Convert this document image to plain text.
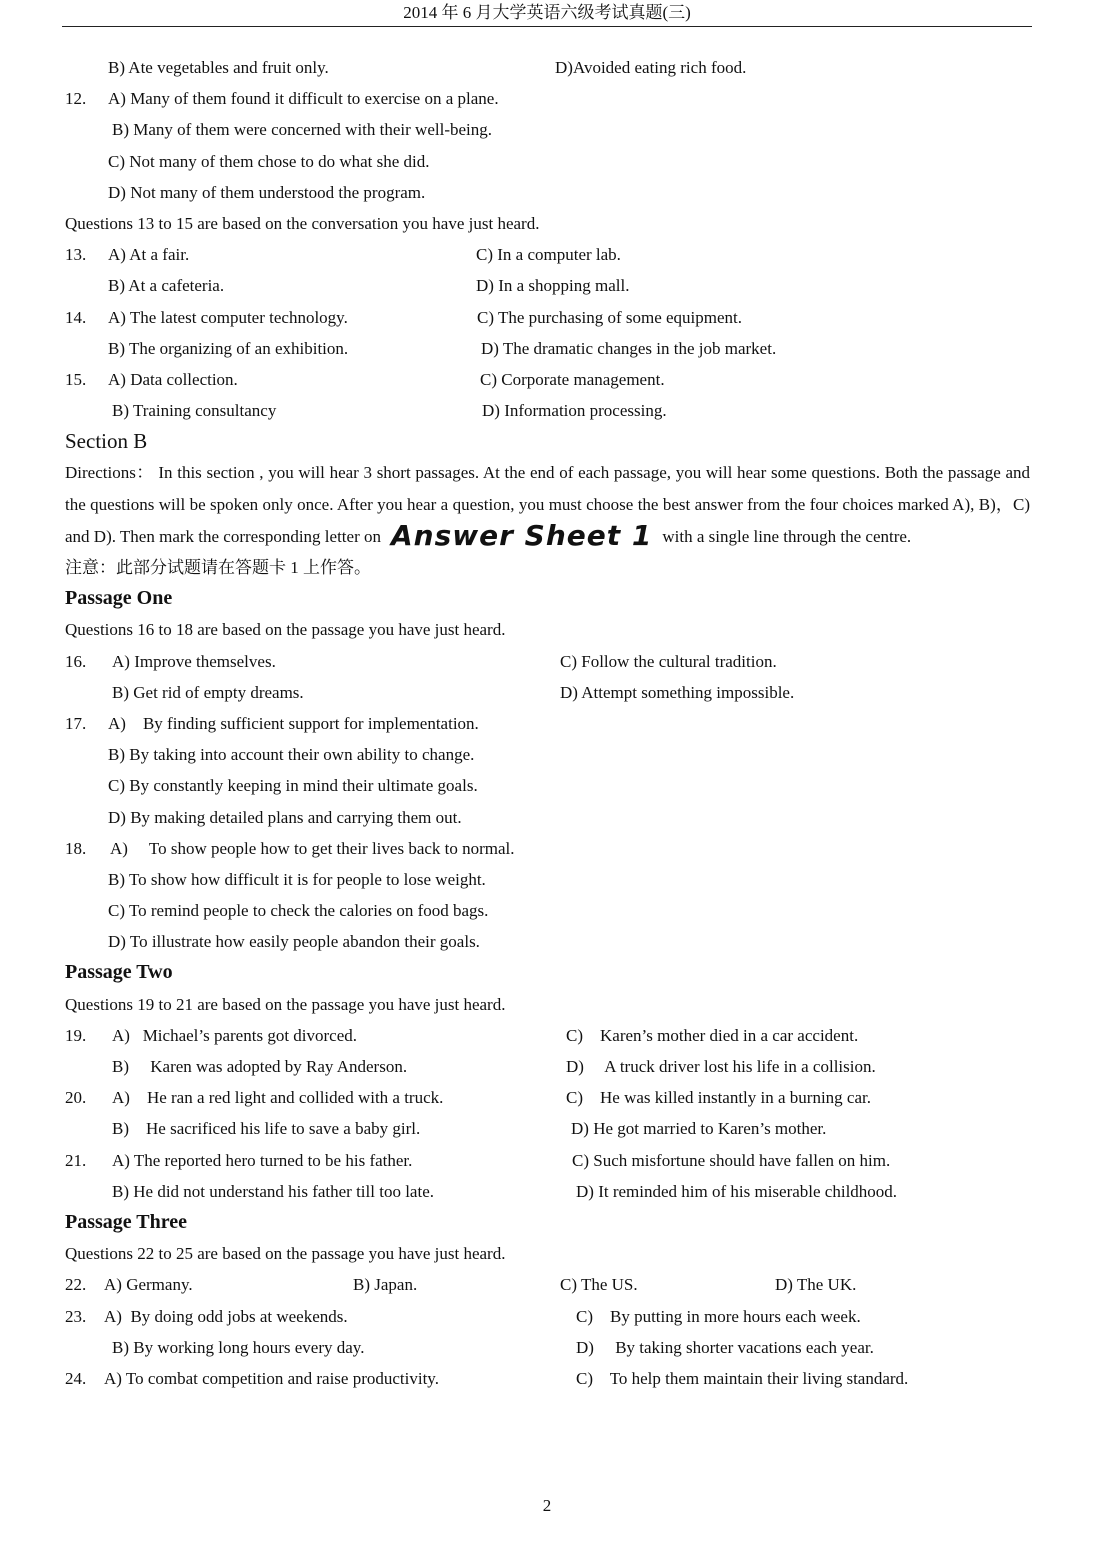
2014 年 6 月大学英语六级考试真题(三)
B) Ate vegetables and fruit only.	D)Avoided eating rich food.
12. A) Many of them found it difficult to exercise on a plane.
B) Many of them were concerned with their well-being.
C) Not many of them chose to do what she did.
D) Not many of them understood the program.
Questions 13 to 15 are based on the conversation you have just heard.
13. A) At a fair.	C) In a computer lab.
B) At a cafeteria.	D) In a shopping mall.
14. A) The latest computer technology.	C) The purchasing of some equipment.
B) The organizing of an exhibition.	D) The dramatic changes in the job market.
15. A) Data collection.	C) Corporate management.
B) Training consultancy	D) Information processing.
Section B
Directions： In this section , you will hear 3 short passages. At the end of each passage, you will hear some questions. Both the passage and the questions will be spoken only once. After you hear a question, you must choose the best answer from the four choices marked A), B)，C) and D). Then mark the corresponding letter on Answer Sheet 1 with a single line through the centre.
注意：此部分试题请在答题卡 1 上作答。
Passage One
Questions 16 to 18 are based on the passage you have just heard.
16. A) Improve themselves.	C) Follow the cultural tradition.
B) Get rid of empty dreams.	D) Attempt something impossible.
17. A)    By finding sufficient support for implementation.
B) By taking into account their own ability to change.
C) By constantly keeping in mind their ultimate goals.
D) By making detailed plans and carrying them out.
18. A)     To show people how to get their lives back to normal.
B) To show how difficult it is for people to lose weight.
C) To remind people to check the calories on food bags.
D) To illustrate how easily people abandon their goals.
Passage Two
Questions 19 to 21 are based on the passage you have just heard.
19. A)   Michael’s parents got divorced.	C)    Karen’s mother died in a car accident.
B)     Karen was adopted by Ray Anderson.	D)     A truck driver lost his life in a collision.
20. A)    He ran a red light and collided with a truck.	C)    He was killed instantly in a burning car.
B)    He sacrificed his life to save a baby girl.	D) He got married to Karen’s mother.
21. A) The reported hero turned to be his father.	C) Such misfortune should have fallen on him.
B) He did not understand his father till too late.	D) It reminded him of his miserable childhood.
Passage Three
Questions 22 to 25 are based on the passage you have just heard.
22. A) Germany.	B) Japan.	C) The US.	D) The UK.
23. A)  By doing odd jobs at weekends.	C)    By putting in more hours each week.
B) By working long hours every day.	D)     By taking shorter vacations each year.
24. A) To combat competition and raise productivity.	C)    To help them maintain their living standard.
2
